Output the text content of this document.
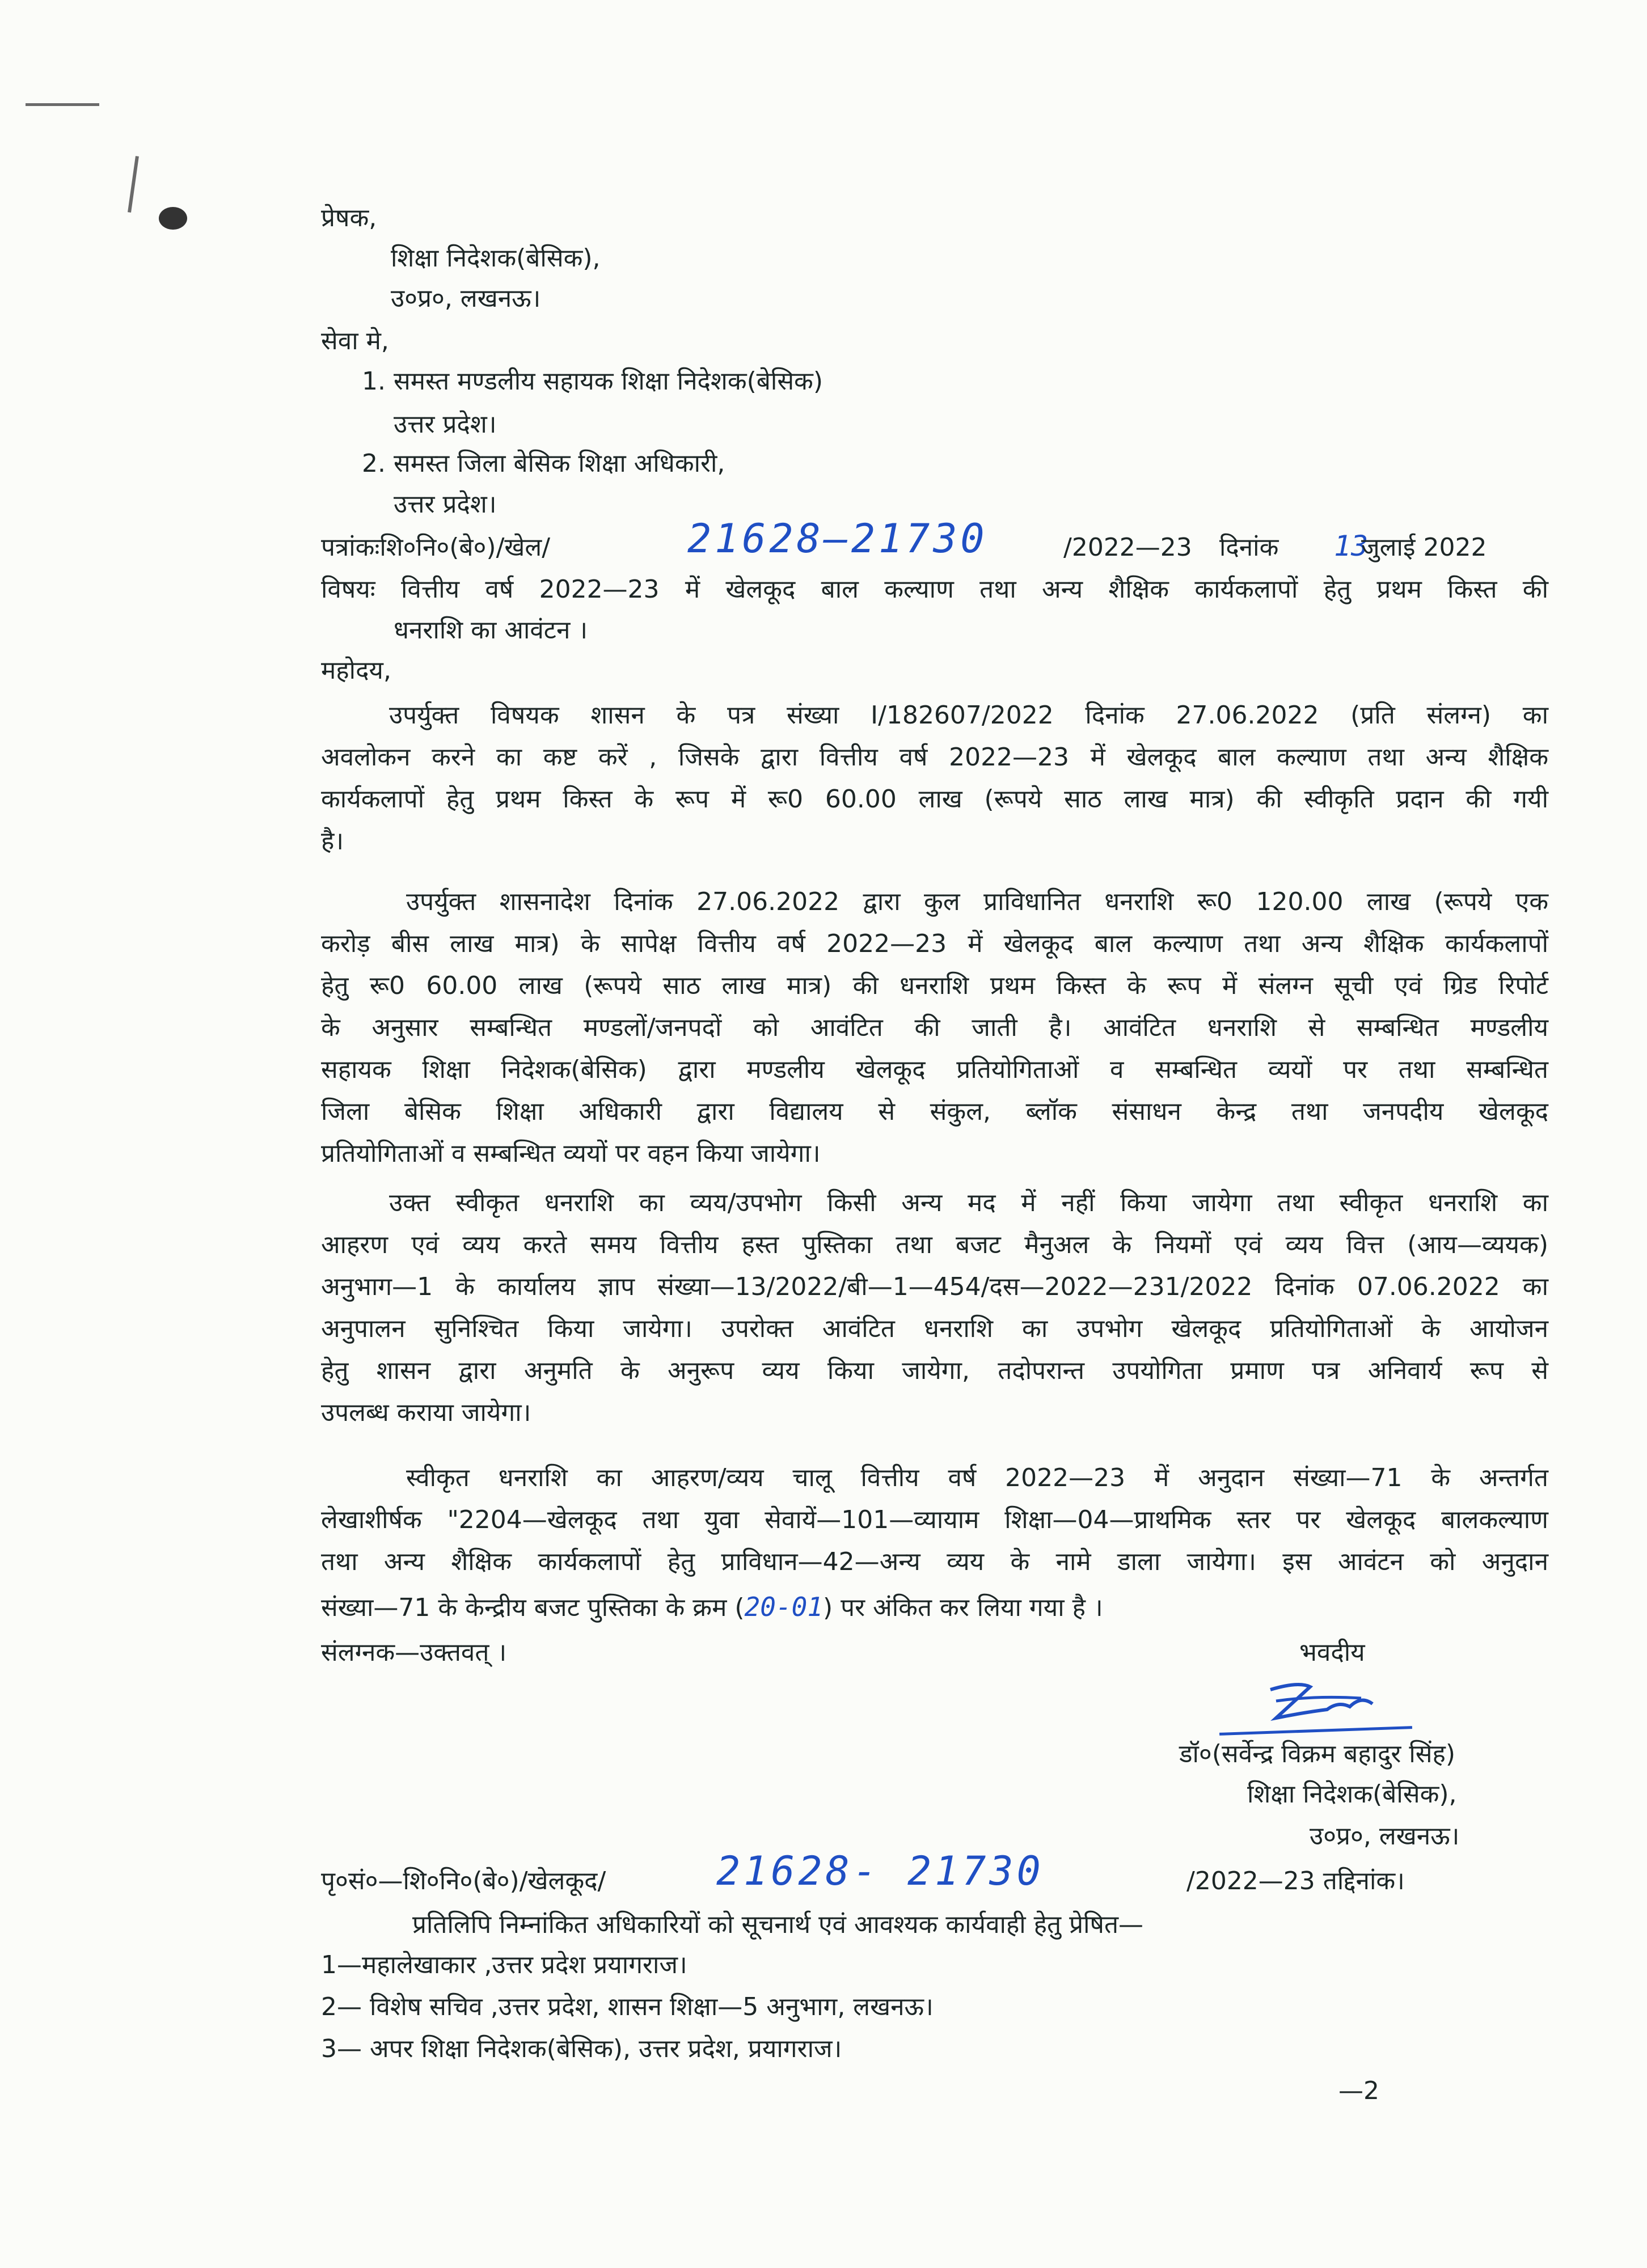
प्रेषक,
शिक्षा निदेशक(बेसिक),
उ०प्र०, लखनऊ।
सेवा मे,
1. समस्त मण्डलीय सहायक शिक्षा निदेशक(बेसिक)
उत्तर प्रदेश।
2. समस्त जिला बेसिक शिक्षा अधिकारी,
उत्तर प्रदेश।
पत्रांकःशि०नि०(बे०)/खेल/	21628—21730	/2022—23 दिनांक 13
जुलाई 2022
विषयः वित्तीय वर्ष 2022—23 में खेलकूद बाल कल्याण तथा अन्य शैक्षिक कार्यकलापों हेतु प्रथम किस्त की
धनराशि का आवंटन ।
महोदय,
उपर्युक्त विषयक शासन के पत्र संख्या I/182607/2022 दिनांक 27.06.2022 (प्रति संलग्न) का
अवलोकन करने का कष्ट करें , जिसके द्वारा वित्तीय वर्ष 2022—23 में खेलकूद बाल कल्याण तथा अन्य शैक्षिक
कार्यकलापों हेतु प्रथम किस्त के रूप में रू0 60.00 लाख (रूपये साठ लाख मात्र) की स्वीकृति प्रदान की गयी
है।
उपर्युक्त शासनादेश दिनांक 27.06.2022 द्वारा कुल प्राविधानित धनराशि रू0 120.00 लाख (रूपये एक
करोड़ बीस लाख मात्र) के सापेक्ष वित्तीय वर्ष 2022—23 में खेलकूद बाल कल्याण तथा अन्य शैक्षिक कार्यकलापों
हेतु रू0 60.00 लाख (रूपये साठ लाख मात्र) की धनराशि प्रथम किस्त के रूप में संलग्न सूची एवं ग्रिड रिपोर्ट
के अनुसार सम्बन्धित मण्डलों/जनपदों को आवंटित की जाती है। आवंटित धनराशि से सम्बन्धित मण्डलीय
सहायक शिक्षा निदेशक(बेसिक) द्वारा मण्डलीय खेलकूद प्रतियोगिताओं व सम्बन्धित व्ययों पर तथा सम्बन्धित
जिला बेसिक शिक्षा अधिकारी द्वारा विद्यालय से संकुल, ब्लॉक संसाधन केन्द्र तथा जनपदीय खेलकूद
प्रतियोगिताओं व सम्बन्धित व्ययों पर वहन किया जायेगा।
उक्त स्वीकृत धनराशि का व्यय/उपभोग किसी अन्य मद में नहीं किया जायेगा तथा स्वीकृत धनराशि का
आहरण एवं व्यय करते समय वित्तीय हस्त पुस्तिका तथा बजट मैनुअल के नियमों एवं व्यय वित्त (आय—व्ययक)
अनुभाग—1 के कार्यालय ज्ञाप संख्या—13/2022/बी—1—454/दस—2022—231/2022 दिनांक 07.06.2022 का
अनुपालन सुनिश्चित किया जायेगा। उपरोक्त आवंटित धनराशि का उपभोग खेलकूद प्रतियोगिताओं के आयोजन
हेतु शासन द्वारा अनुमति के अनुरूप व्यय किया जायेगा, तदोपरान्त उपयोगिता प्रमाण पत्र अनिवार्य रूप से
उपलब्ध कराया जायेगा।
स्वीकृत धनराशि का आहरण/व्यय चालू वित्तीय वर्ष 2022—23 में अनुदान संख्या—71 के अन्तर्गत
लेखाशीर्षक "2204—खेलकूद तथा युवा सेवायें—101—व्यायाम शिक्षा—04—प्राथमिक स्तर पर खेलकूद बालकल्याण
तथा अन्य शैक्षिक कार्यकलापों हेतु प्राविधान—42—अन्य व्यय के नामे डाला जायेगा। इस आवंटन को अनुदान
संख्या—71 के केन्द्रीय बजट पुस्तिका के क्रम (20-01) पर अंकित कर लिया गया है ।
संलग्नक—उक्तवत् ।	भवदीय
डॉ०(सर्वेन्द्र विक्रम बहादुर सिंह)
शिक्षा निदेशक(बेसिक),
उ०प्र०, लखनऊ।
पृ०सं०—शि०नि०(बे०)/खेलकूद/	21628- 21730	/2022—23 तद्दिनांक।
प्रतिलिपि निम्नांकित अधिकारियों को सूचनार्थ एवं आवश्यक कार्यवाही हेतु प्रेषित—
1—महालेखाकार ,उत्तर प्रदेश प्रयागराज।
2— विशेष सचिव ,उत्तर प्रदेश, शासन शिक्षा—5 अनुभाग, लखनऊ।
3— अपर शिक्षा निदेशक(बेसिक), उत्तर प्रदेश, प्रयागराज।
—2
